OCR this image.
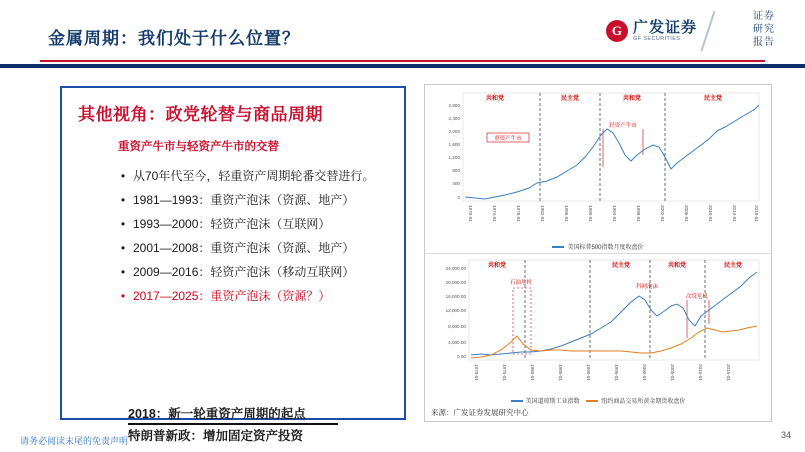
金属周期：我们处于什么位置？	G 广发证券
GF SECURITIES
证券
研究
报告
其他视角：政党轮替与商品周期
重资产牛市与轻资产牛市的交替
• 从70年代至今，轻重资产周期轮番交替进行。
• 1981—1993：重资产泡沫（资源、地产）
• 1993—2000：轻资产泡沫（互联网）
• 2001—2008：重资产泡沫（资源、地产）
• 2009—2016：轻资产泡沫（移动互联网）
• 2017—2025：重资产泡沫（资源？）
2018：新一轮重资产周期的起点
特朗普新政：增加固定资产投资
请务必阅读末尾的免责声明
34
共和党	民主党	共和党	民主党
2,800
2,400
2,000
1,600
1,200
800
400
0
重资产牛市
轻资产牛市
1970-01	1974-01	1978-01	1982-01	1986-01	1990-01	1994-01	1998-01	2002-01	2006-01	2010-01	2014-01	2018-01
美国标普500指数月度收盘价
共和党	民主党	共和党	民主党
24,000.00
20,000.00
16,000.00
12,000.00
8,000.00
4,000.00
0.00
石油危机
科网泡沫
次贷危机
1970-01	1975-01	1980-01	1985-01	1990-01	1995-01	2000-01	2005-01	2010-01	2015-01
美国道琼斯工业指数	纽约商品交易所黄金期货收盘价
来源：广发证券发展研究中心
